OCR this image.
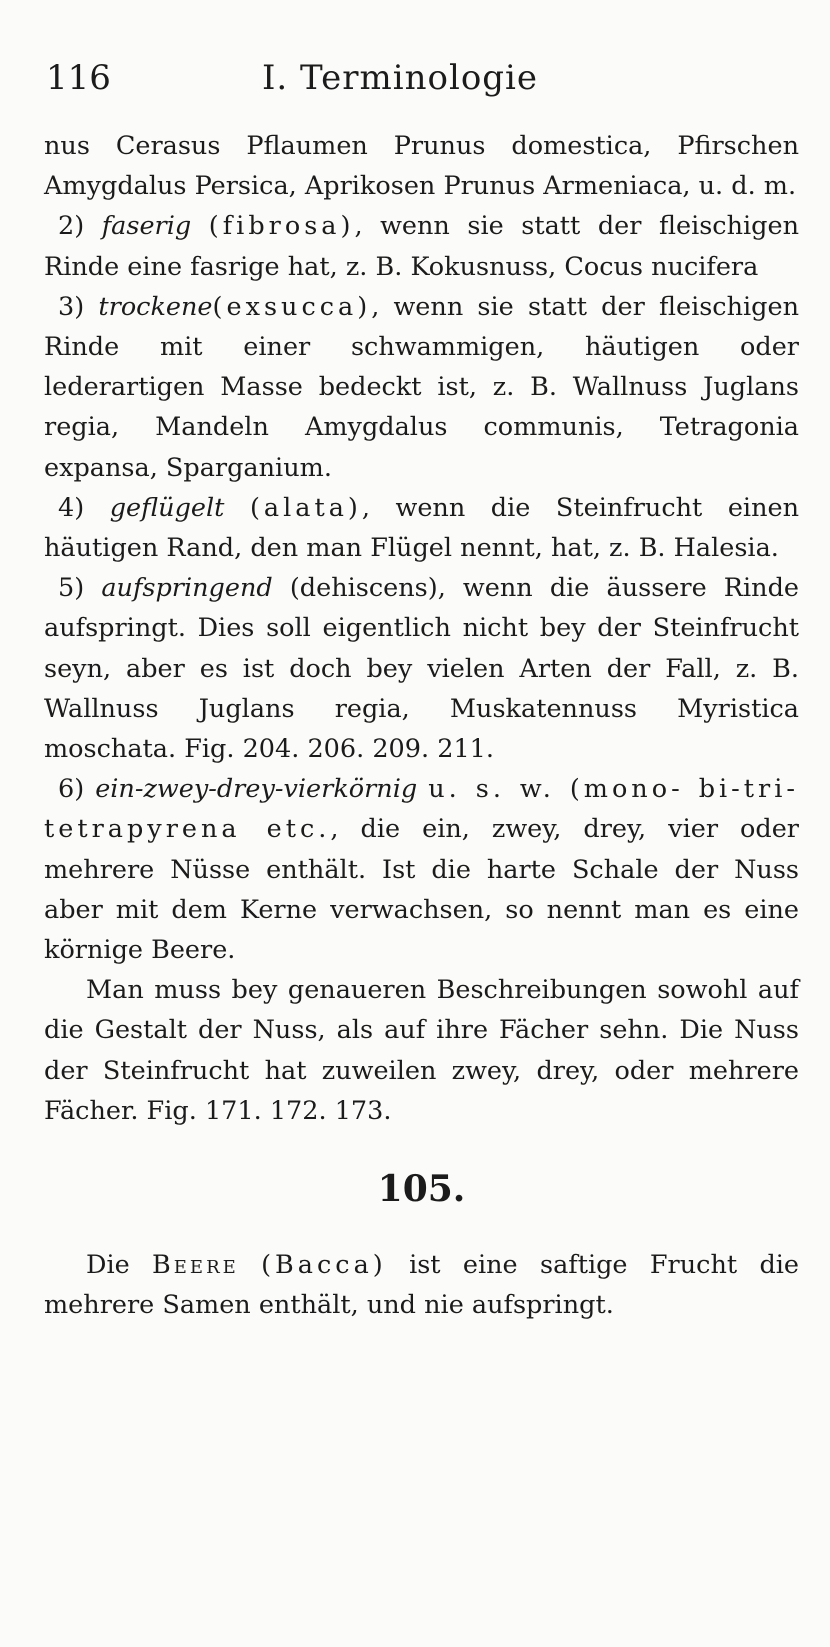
116	I. Terminologie

nus Cerasus Pflaumen Prunus domestica, Pfirschen Amygdalus Persica, Aprikosen Prunus Armeniaca, u. d. m.

2) faserig (fibrosa), wenn sie statt der fleischigen Rinde eine fasrige hat, z. B. Kokusnuss, Cocus nucifera

3) trockene(exsucca), wenn sie statt der fleischigen Rinde mit einer schwammigen, häutigen oder lederartigen Masse bedeckt ist, z. B. Wallnuss Juglans regia, Mandeln Amygdalus communis, Tetragonia expansa, Sparganium.

4) geflügelt (alata), wenn die Steinfrucht einen häutigen Rand, den man Flügel nennt, hat, z. B. Halesia.

5) aufspringend (dehiscens), wenn die äussere Rinde aufspringt. Dies soll eigentlich nicht bey der Steinfrucht seyn, aber es ist doch bey vielen Arten der Fall, z. B. Wallnuss Juglans regia, Muskatennuss Myristica moschata. Fig. 204. 206. 209. 211.

6) ein-zwey-drey-vierkörnig u. s. w. (mono- bi-tri-tetrapyrena etc., die ein, zwey, drey, vier oder mehrere Nüsse enthält. Ist die harte Schale der Nuss aber mit dem Kerne verwachsen, so nennt man es eine körnige Beere.

Man muss bey genaueren Beschreibungen sowohl auf die Gestalt der Nuss, als auf ihre Fächer sehn. Die Nuss der Steinfrucht hat zuweilen zwey, drey, oder mehrere Fächer. Fig. 171. 172. 173.

105.

Die Beere (Bacca) ist eine saftige Frucht die mehrere Samen enthält, und nie aufspringt.
